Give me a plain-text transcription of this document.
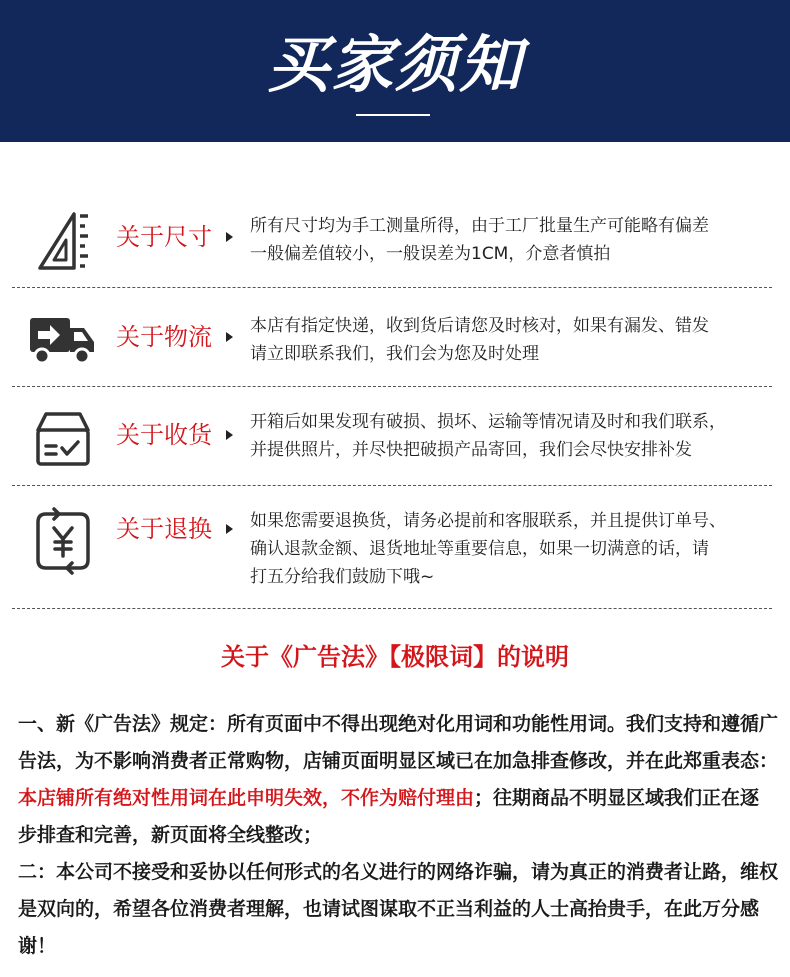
买家须知
关于尺寸 所有尺寸均为手工测量所得，由于工厂批量生产可能略有偏差
一般偏差值较小，一般误差为1CM，介意者慎拍
关于物流 本店有指定快递，收到货后请您及时核对，如果有漏发、错发
请立即联系我们，我们会为您及时处理
关于收货 开箱后如果发现有破损、损坏、运输等情况请及时和我们联系，
并提供照片，并尽快把破损产品寄回，我们会尽快安排补发
关于退换 如果您需要退换货，请务必提前和客服联系，并且提供订单号、
确认退款金额、退货地址等重要信息，如果一切满意的话，请
打五分给我们鼓励下哦~
关于《广告法》【极限词】的说明

一、新《广告法》规定：所有页面中不得出现绝对化用词和功能性用词。我们支持和遵循广告法，为不影响消费者正常购物，店铺页面明显区域已在加急排查修改，并在此郑重表态：本店铺所有绝对性用词在此申明失效，不作为赔付理由；往期商品不明显区域我们正在逐步排查和完善，新页面将全线整改；

二：本公司不接受和妥协以任何形式的名义进行的网络诈骗，请为真正的消费者让路，维权是双向的，希望各位消费者理解，也请试图谋取不正当利益的人士高抬贵手，在此万分感谢！
